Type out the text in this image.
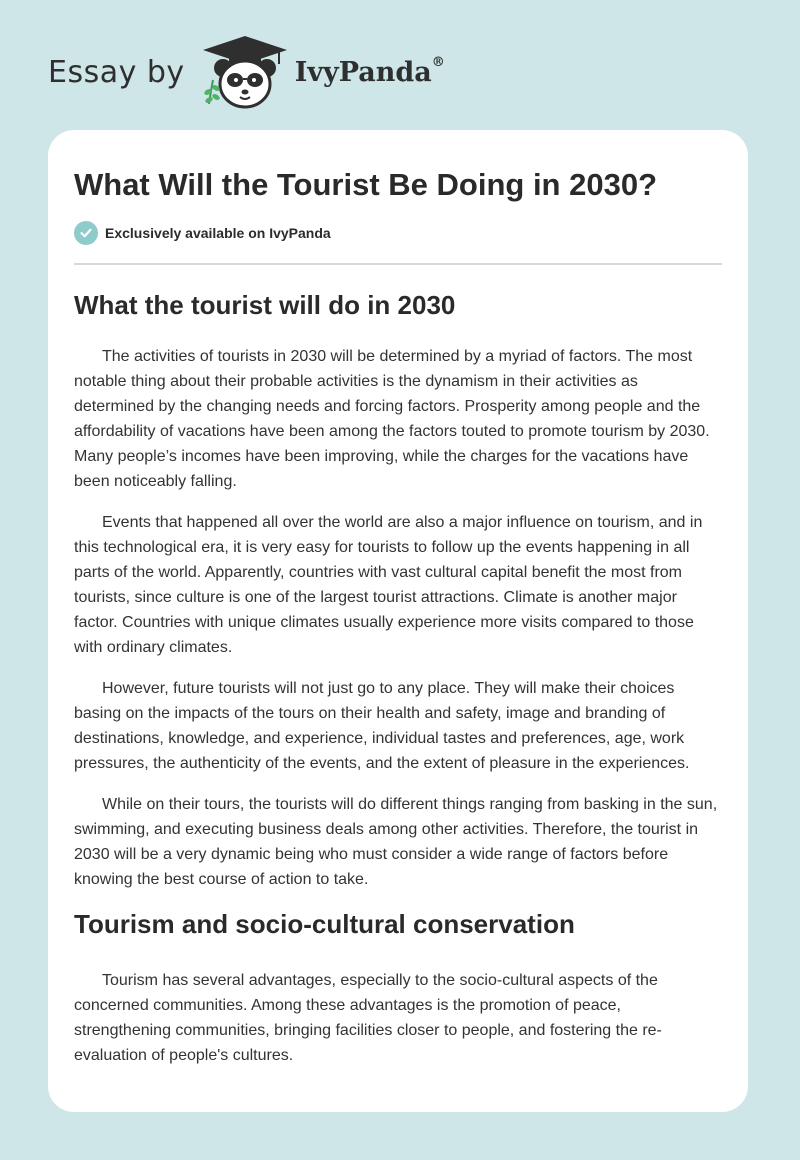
Essay by	IvyPanda®
What Will the Tourist Be Doing in 2030?
Exclusively available on IvyPanda
What the tourist will do in 2030

The activities of tourists in 2030 will be determined by a myriad of factors. The most notable thing about their probable activities is the dynamism in their activities as determined by the changing needs and forcing factors. Prosperity among people and the affordability of vacations have been among the factors touted to promote tourism by 2030. Many people’s incomes have been improving, while the charges for the vacations have been noticeably falling.

Events that happened all over the world are also a major influence on tourism, and in this technological era, it is very easy for tourists to follow up the events happening in all parts of the world. Apparently, countries with vast cultural capital benefit the most from tourists, since culture is one of the largest tourist attractions. Climate is another major factor. Countries with unique climates usually experience more visits compared to those with ordinary climates.

However, future tourists will not just go to any place. They will make their choices basing on the impacts of the tours on their health and safety, image and branding of destinations, knowledge, and experience, individual tastes and preferences, age, work pressures, the authenticity of the events, and the extent of pleasure in the experiences.

While on their tours, the tourists will do different things ranging from basking in the sun, swimming, and executing business deals among other activities. Therefore, the tourist in 2030 will be a very dynamic being who must consider a wide range of factors before knowing the best course of action to take.

Tourism and socio-cultural conservation

Tourism has several advantages, especially to the socio-cultural aspects of the concerned communities. Among these advantages is the promotion of peace, strengthening communities, bringing facilities closer to people, and fostering the re-evaluation of people's cultures.
